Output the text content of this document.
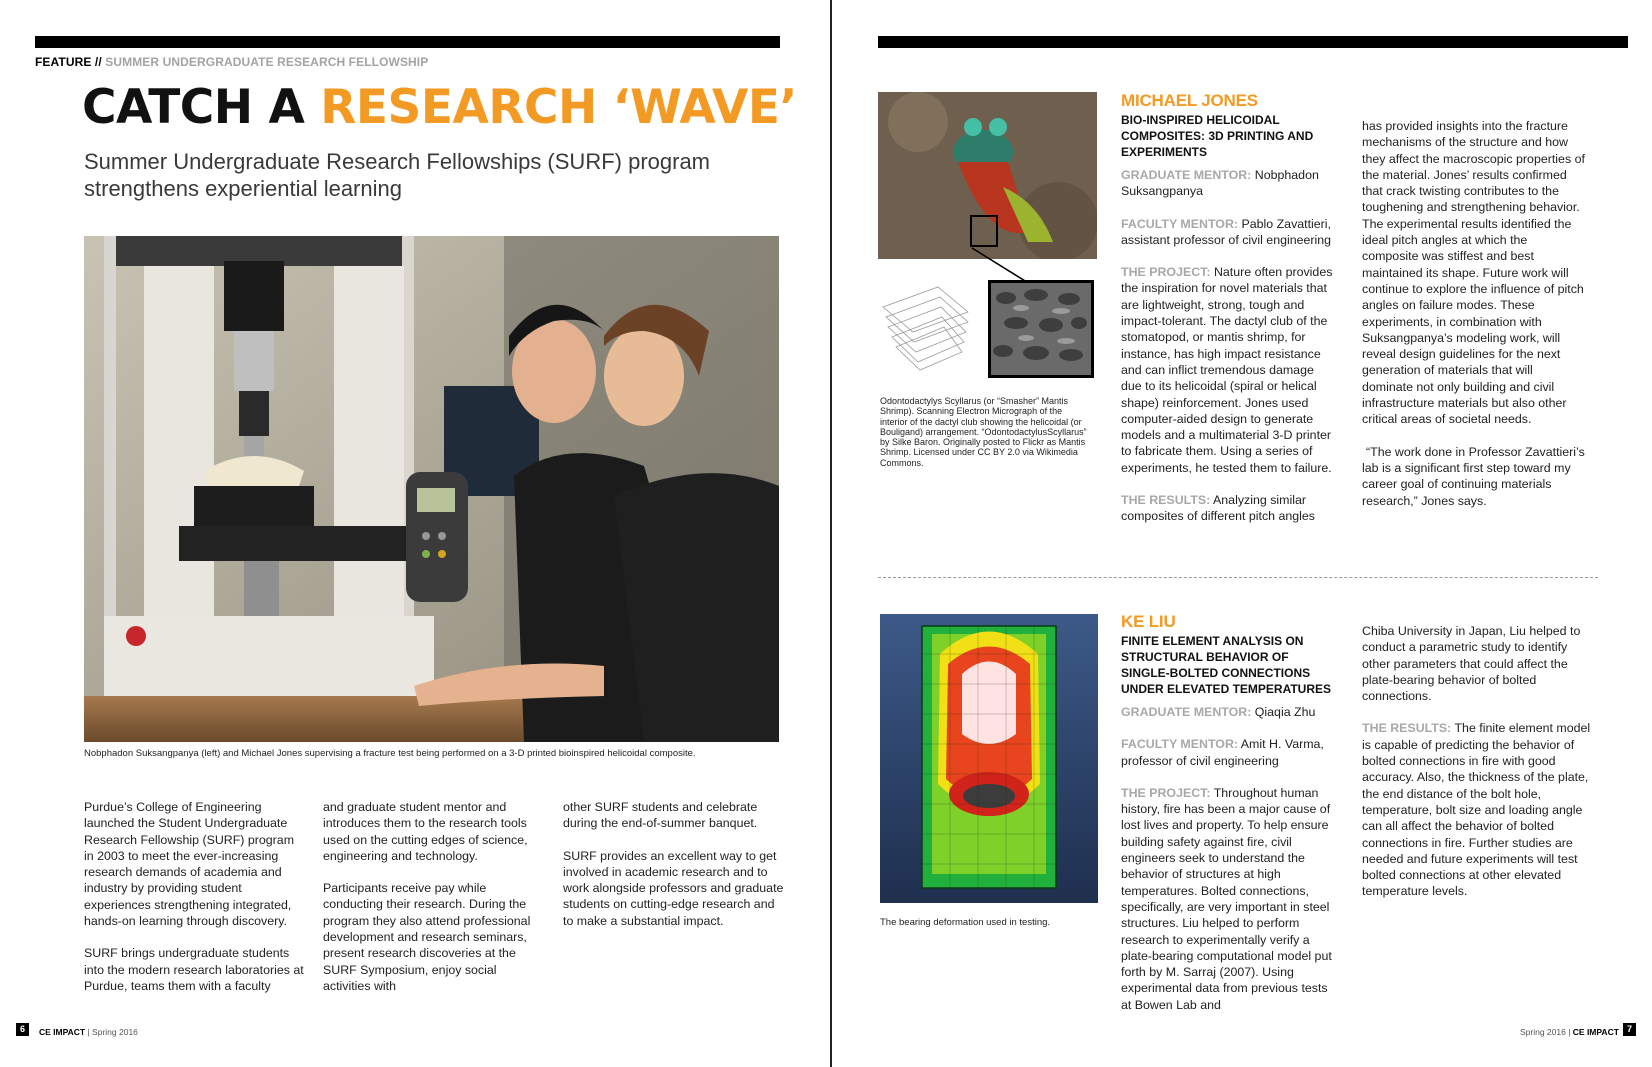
FEATURE // SUMMER UNDERGRADUATE RESEARCH FELLOWSHIP
CATCH A RESEARCH ‘WAVE’
Summer Undergraduate Research Fellowships (SURF) program strengthens experiential learning
Nobphadon Suksangpanya (left) and Michael Jones supervising a fracture test being performed on a 3-D printed bioinspired helicoidal composite.

Purdue’s College of Engineering launched the Student Undergraduate Research Fellowship (SURF) program in 2003 to meet the ever-increasing research demands of academia and industry by providing student experiences strengthening integrated, hands-on learning through discovery.

SURF brings undergraduate students into the modern research laboratories at Purdue, teams them with a faculty

and graduate student mentor and introduces them to the research tools used on the cutting edges of science, engineering and technology.

Participants receive pay while conducting their research. During the program they also attend professional development and research seminars, present research discoveries at the SURF Symposium, enjoy social activities with

other SURF students and celebrate during the end-of-summer banquet.

SURF provides an excellent way to get involved in academic research and to work alongside professors and graduate students on cutting-edge research and to make a substantial impact.

6	CE IMPACT | Spring 2016
Odontodactylys Scyllarus (or “Smasher” Mantis Shrimp). Scanning Electron Micrograph of the interior of the dactyl club showing the helicoidal (or Bouligand) arrangement. “OdontodactylusScyllarus” by Silke Baron. Originally posted to Flickr as Mantis Shrimp. Licensed under CC BY 2.0 via Wikimedia Commons.
MICHAEL JONES
BIO-INSPIRED HELICOIDAL COMPOSITES: 3D PRINTING AND EXPERIMENTS

GRADUATE MENTOR: Nobphadon Suksangpanya

FACULTY MENTOR: Pablo Zavattieri, assistant professor of civil engineering

THE PROJECT: Nature often provides the inspiration for novel materials that are lightweight, strong, tough and impact-tolerant. The dactyl club of the stomatopod, or mantis shrimp, for instance, has high impact resistance and can inflict tremendous damage due to its helicoidal (spiral or helical shape) reinforcement. Jones used computer-aided design to generate models and a multimaterial 3-D printer to fabricate them. Using a series of experiments, he tested them to failure.

THE RESULTS: Analyzing similar composites of different pitch angles

has provided insights into the fracture mechanisms of the structure and how they affect the macroscopic properties of the material. Jones’ results confirmed that crack twisting contributes to the toughening and strengthening behavior. The experimental results identified the ideal pitch angles at which the composite was stiffest and best maintained its shape. Future work will continue to explore the influence of pitch angles on failure modes. These experiments, in combination with Suksangpanya’s modeling work, will reveal design guidelines for the next generation of materials that will dominate not only building and civil infrastructure materials but also other critical areas of societal needs.

“The work done in Professor Zavattieri’s lab is a significant first step toward my career goal of continuing materials research,” Jones says.

The bearing deformation used in testing.
KE LIU
FINITE ELEMENT ANALYSIS ON STRUCTURAL BEHAVIOR OF SINGLE-BOLTED CONNECTIONS UNDER ELEVATED TEMPERATURES

GRADUATE MENTOR: Qiaqia Zhu

FACULTY MENTOR: Amit H. Varma, professor of civil engineering

THE PROJECT: Throughout human history, fire has been a major cause of lost lives and property. To help ensure building safety against fire, civil engineers seek to understand the behavior of structures at high temperatures. Bolted connections, specifically, are very important in steel structures. Liu helped to perform research to experimentally verify a plate-bearing computational model put forth by M. Sarraj (2007). Using experimental data from previous tests at Bowen Lab and

Chiba University in Japan, Liu helped to conduct a parametric study to identify other parameters that could affect the plate-bearing behavior of bolted connections.

THE RESULTS: The finite element model is capable of predicting the behavior of bolted connections in fire with good accuracy. Also, the thickness of the plate, the end distance of the bolt hole, temperature, bolt size and loading angle can all affect the behavior of bolted connections in fire. Further studies are needed and future experiments will test bolted connections at other elevated temperature levels.

Spring 2016 | CE IMPACT 7
